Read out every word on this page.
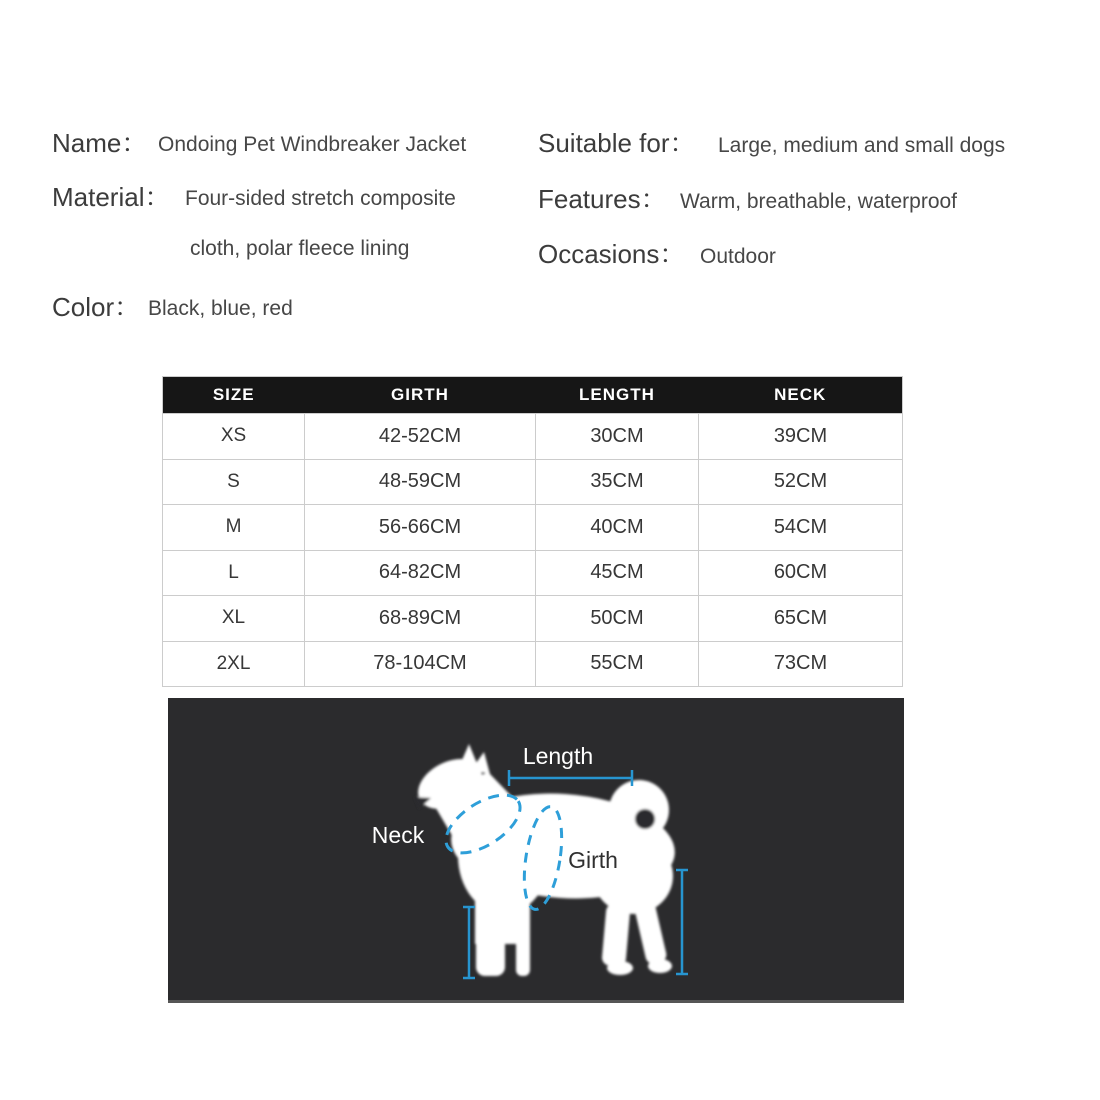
Name： Ondoing Pet Windbreaker Jacket
Material： Four-sided stretch composite
cloth, polar fleece lining
Color： Black, blue, red
Suitable for： Large, medium and small dogs
Features： Warm, breathable, waterproof
Occasions： Outdoor
SIZE	GIRTH	LENGTH	NECK
XS	42-52CM	30CM	39CM
S	48-59CM	35CM	52CM
M	56-66CM	40CM	54CM
L	64-82CM	45CM	60CM
XL	68-89CM	50CM	65CM
2XL	78-104CM	55CM	73CM
Length
Neck
Girth
